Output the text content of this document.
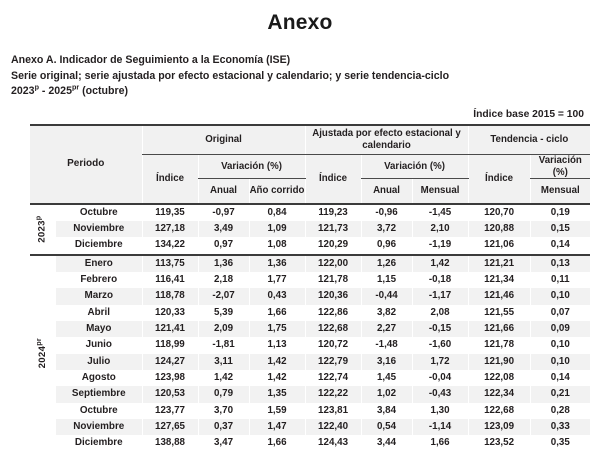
Anexo
Anexo A. Indicador de Seguimiento a la Economía (ISE)
Serie original; serie ajustada por efecto estacional y calendario; y serie tendencia-ciclo
$2023^p - 2025^{pr}$ (octubre)
Índice base 2015 = 100
Periodo		Original			Ajustada por efecto estacional y calendario			Tendencia - ciclo	
		Índice	Variación (%)		Índice	Variación (%)		Índice	Variación (%)
			Anual	Año corrido		Anual	Mensual		Mensual

2023$^p$	Octubre	119,35	-0,97	0,84	119,23	-0,96	-1,45	120,70	0,19
	Noviembre	127,18	3,49	1,09	121,73	3,72	2,10	120,88	0,15
	Diciembre	134,22	0,97	1,08	120,29	0,96	-1,19	121,06	0,14

$2024^{pr}$	Enero	113,75	1,36	1,36	122,00	1,26	1,42	121,21	0,13
	Febrero	116,41	2,18	1,77	121,78	1,15	-0,18	121,34	0,11
	Marzo	118,78	-2,07	0,43	120,36	-0,44	-1,17	121,46	0,10
	Abril	120,33	5,39	1,66	122,86	3,82	2,08	121,55	0,07
	Mayo	121,41	2,09	1,75	122,68	2,27	-0,15	121,66	0,09
	Junio	118,99	-1,81	1,13	120,72	-1,48	-1,60	121,78	0,10
	Julio	124,27	3,11	1,42	122,79	3,16	1,72	121,90	0,10
	Agosto	123,98	1,42	1,42	122,74	1,45	-0,04	122,08	0,14
	Septiembre	120,53	0,79	1,35	122,22	1,02	-0,43	122,34	0,21
	Octubre	123,77	3,70	1,59	123,81	3,84	1,30	122,68	0,28
	Noviembre	127,65	0,37	1,47	122,40	0,54	-1,14	123,09	0,33
	Diciembre	138,88	3,47	1,66	124,43	3,44	1,66	123,52	0,35
